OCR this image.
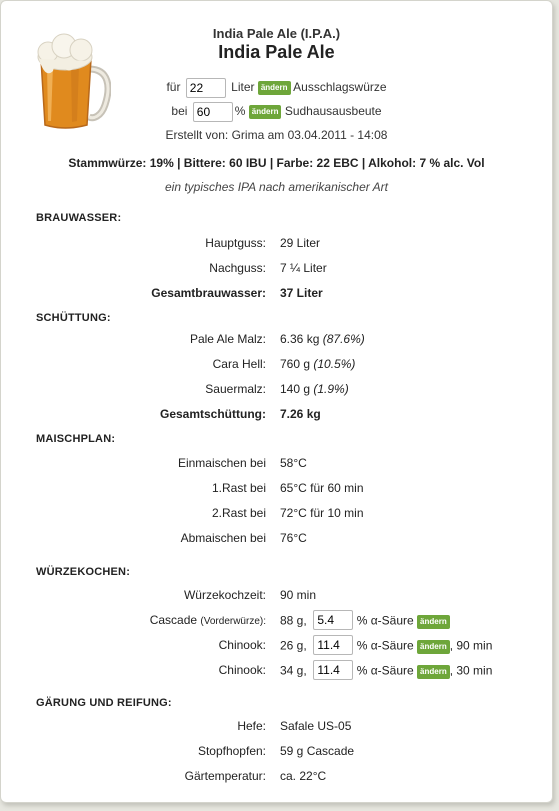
India Pale Ale (I.P.A.)
India Pale Ale
für 22	Liter ändern Ausschlagswürze
bei 60	% ändern Sudhausausbeute
Erstellt von: Grima am 03.04.2011 - 14:08
Stammwürze: 19% | Bittere: 60 IBU | Farbe: 22 EBC | Alkohol: 7 % alc. Vol
ein typisches IPA nach amerikanischer Art
BRAUWASSER:
Hauptguss: 29 Liter
Nachguss: 7 ¼ Liter
Gesamtbrauwasser: 37 Liter
SCHÜTTUNG:
Pale Ale Malz: 6.36 kg (87.6%)
Cara Hell: 760 g (10.5%)
Sauermalz: 140 g (1.9%)
Gesamtschüttung: 7.26 kg
MAISCHPLAN:
Einmaischen bei 58°C
1.Rast bei 65°C für 60 min
2.Rast bei 72°C für 10 min
Abmaischen bei 76°C
WÜRZEKOCHEN:
Würzekochzeit: 90 min
Cascade (Vorderwürze): 88 g,  5.4	% α-Säure ändern
Chinook: 26 g,  11.4	% α-Säure ändern , 90 min
Chinook: 34 g,  11.4	% α-Säure ändern , 30 min
GÄRUNG UND REIFUNG:
Hefe: Safale US-05
Stopfhopfen: 59 g Cascade
Gärtemperatur: ca. 22°C
